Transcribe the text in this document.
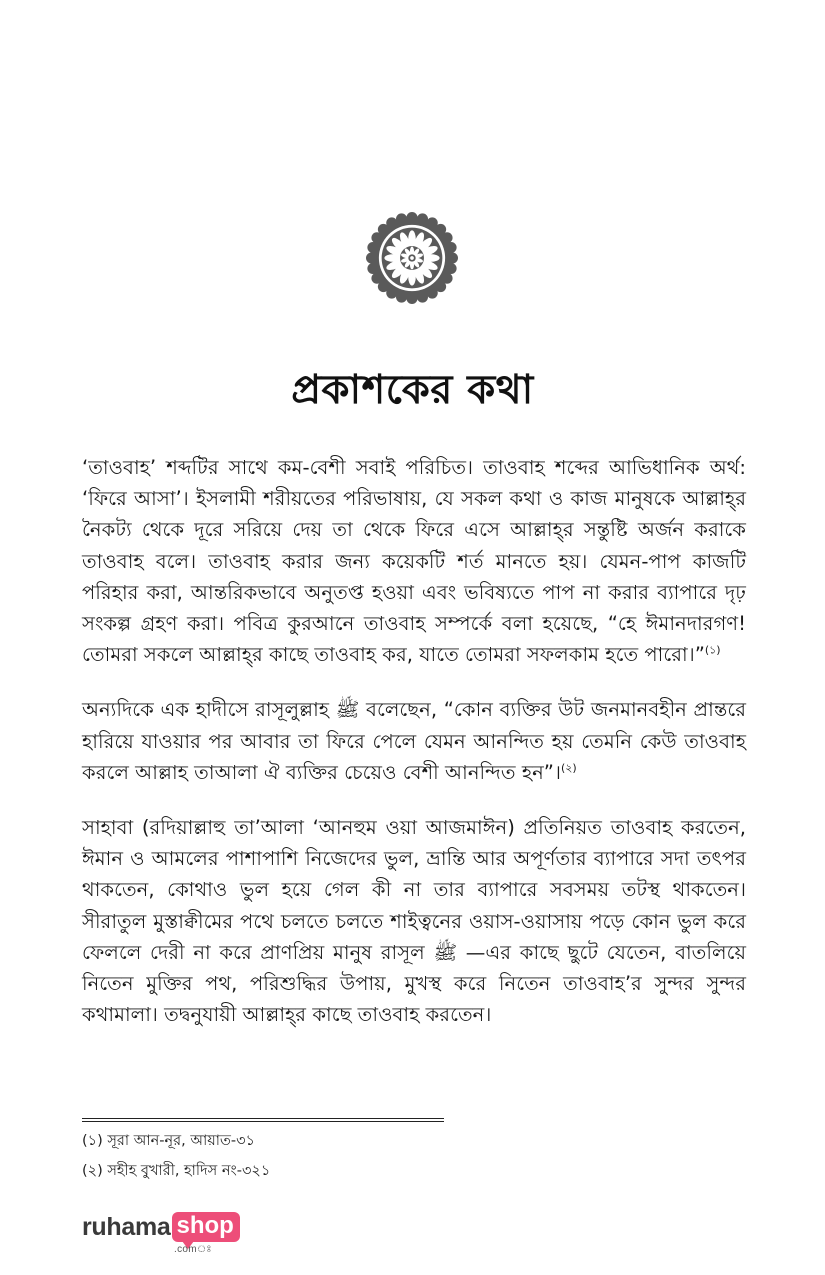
প্রকাশকের কথা

‘তাওবাহ’ শব্দটির সাথে কম-বেশী সবাই পরিচিত। তাওবাহ শব্দের আভিধানিক অর্থ: ‘ফিরে আসা’। ইসলামী শরীয়তের পরিভাষায়, যে সকল কথা ও কাজ মানুষকে আল্লাহ্‌র নৈকট্য থেকে দূরে সরিয়ে দেয় তা থেকে ফিরে এসে আল্লাহ্‌র সন্তুষ্টি অর্জন করাকে তাওবাহ বলে। তাওবাহ করার জন্য কয়েকটি শর্ত মানতে হয়। যেমন-পাপ কাজটি পরিহার করা, আন্তরিকভাবে অনুতপ্ত হওয়া এবং ভবিষ্যতে পাপ না করার ব্যাপারে দৃঢ় সংকল্প গ্রহণ করা। পবিত্র কুরআনে তাওবাহ সম্পর্কে বলা হয়েছে, “হে ঈমানদারগণ! তোমরা সকলে আল্লাহ্‌র কাছে তাওবাহ কর, যাতে তোমরা সফলকাম হতে পারো।”$^{(১)}$

অন্যদিকে এক হাদীসে রাসূলুল্লাহ ﷺ বলেছেন, “কোন ব্যক্তির উট জনমানবহীন প্রান্তরে হারিয়ে যাওয়ার পর আবার তা ফিরে পেলে যেমন আনন্দিত হয় তেমনি কেউ তাওবাহ করলে আল্লাহ তাআলা ঐ ব্যক্তির চেয়েও বেশী আনন্দিত হন”।$^{(২)}$

সাহাবা (রদিয়াল্লাহু তা’আলা ‘আনহুম ওয়া আজমাঈন) প্রতিনিয়ত তাওবাহ করতেন, ঈমান ও আমলের পাশাপাশি নিজেদের ভুল, ভ্রান্তি আর অপূর্ণতার ব্যাপারে সদা তৎপর থাকতেন, কোথাও ভুল হয়ে গেল কী না তার ব্যাপারে সবসময় তটস্থ থাকতেন। সীরাতুল মুস্তাক্বীমের পথে চলতে চলতে শাইত্বনের ওয়াস-ওয়াসায় পড়ে কোন ভুল করে ফেললে দেরী না করে প্রাণপ্রিয় মানুষ রাসূল ﷺ —এর কাছে ছুটে যেতেন, বাতলিয়ে নিতেন মুক্তির পথ, পরিশুদ্ধির উপায়, মুখস্থ করে নিতেন তাওবাহ’র সুন্দর সুন্দর কথামালা। তদ্বনুযায়ী আল্লাহ্‌র কাছে তাওবাহ করতেন।

(১) সূরা আন-নূর, আয়াত-৩১
(২) সহীহ বুখারী, হাদিস নং-৩২১
ruhama shop
.comঃ
